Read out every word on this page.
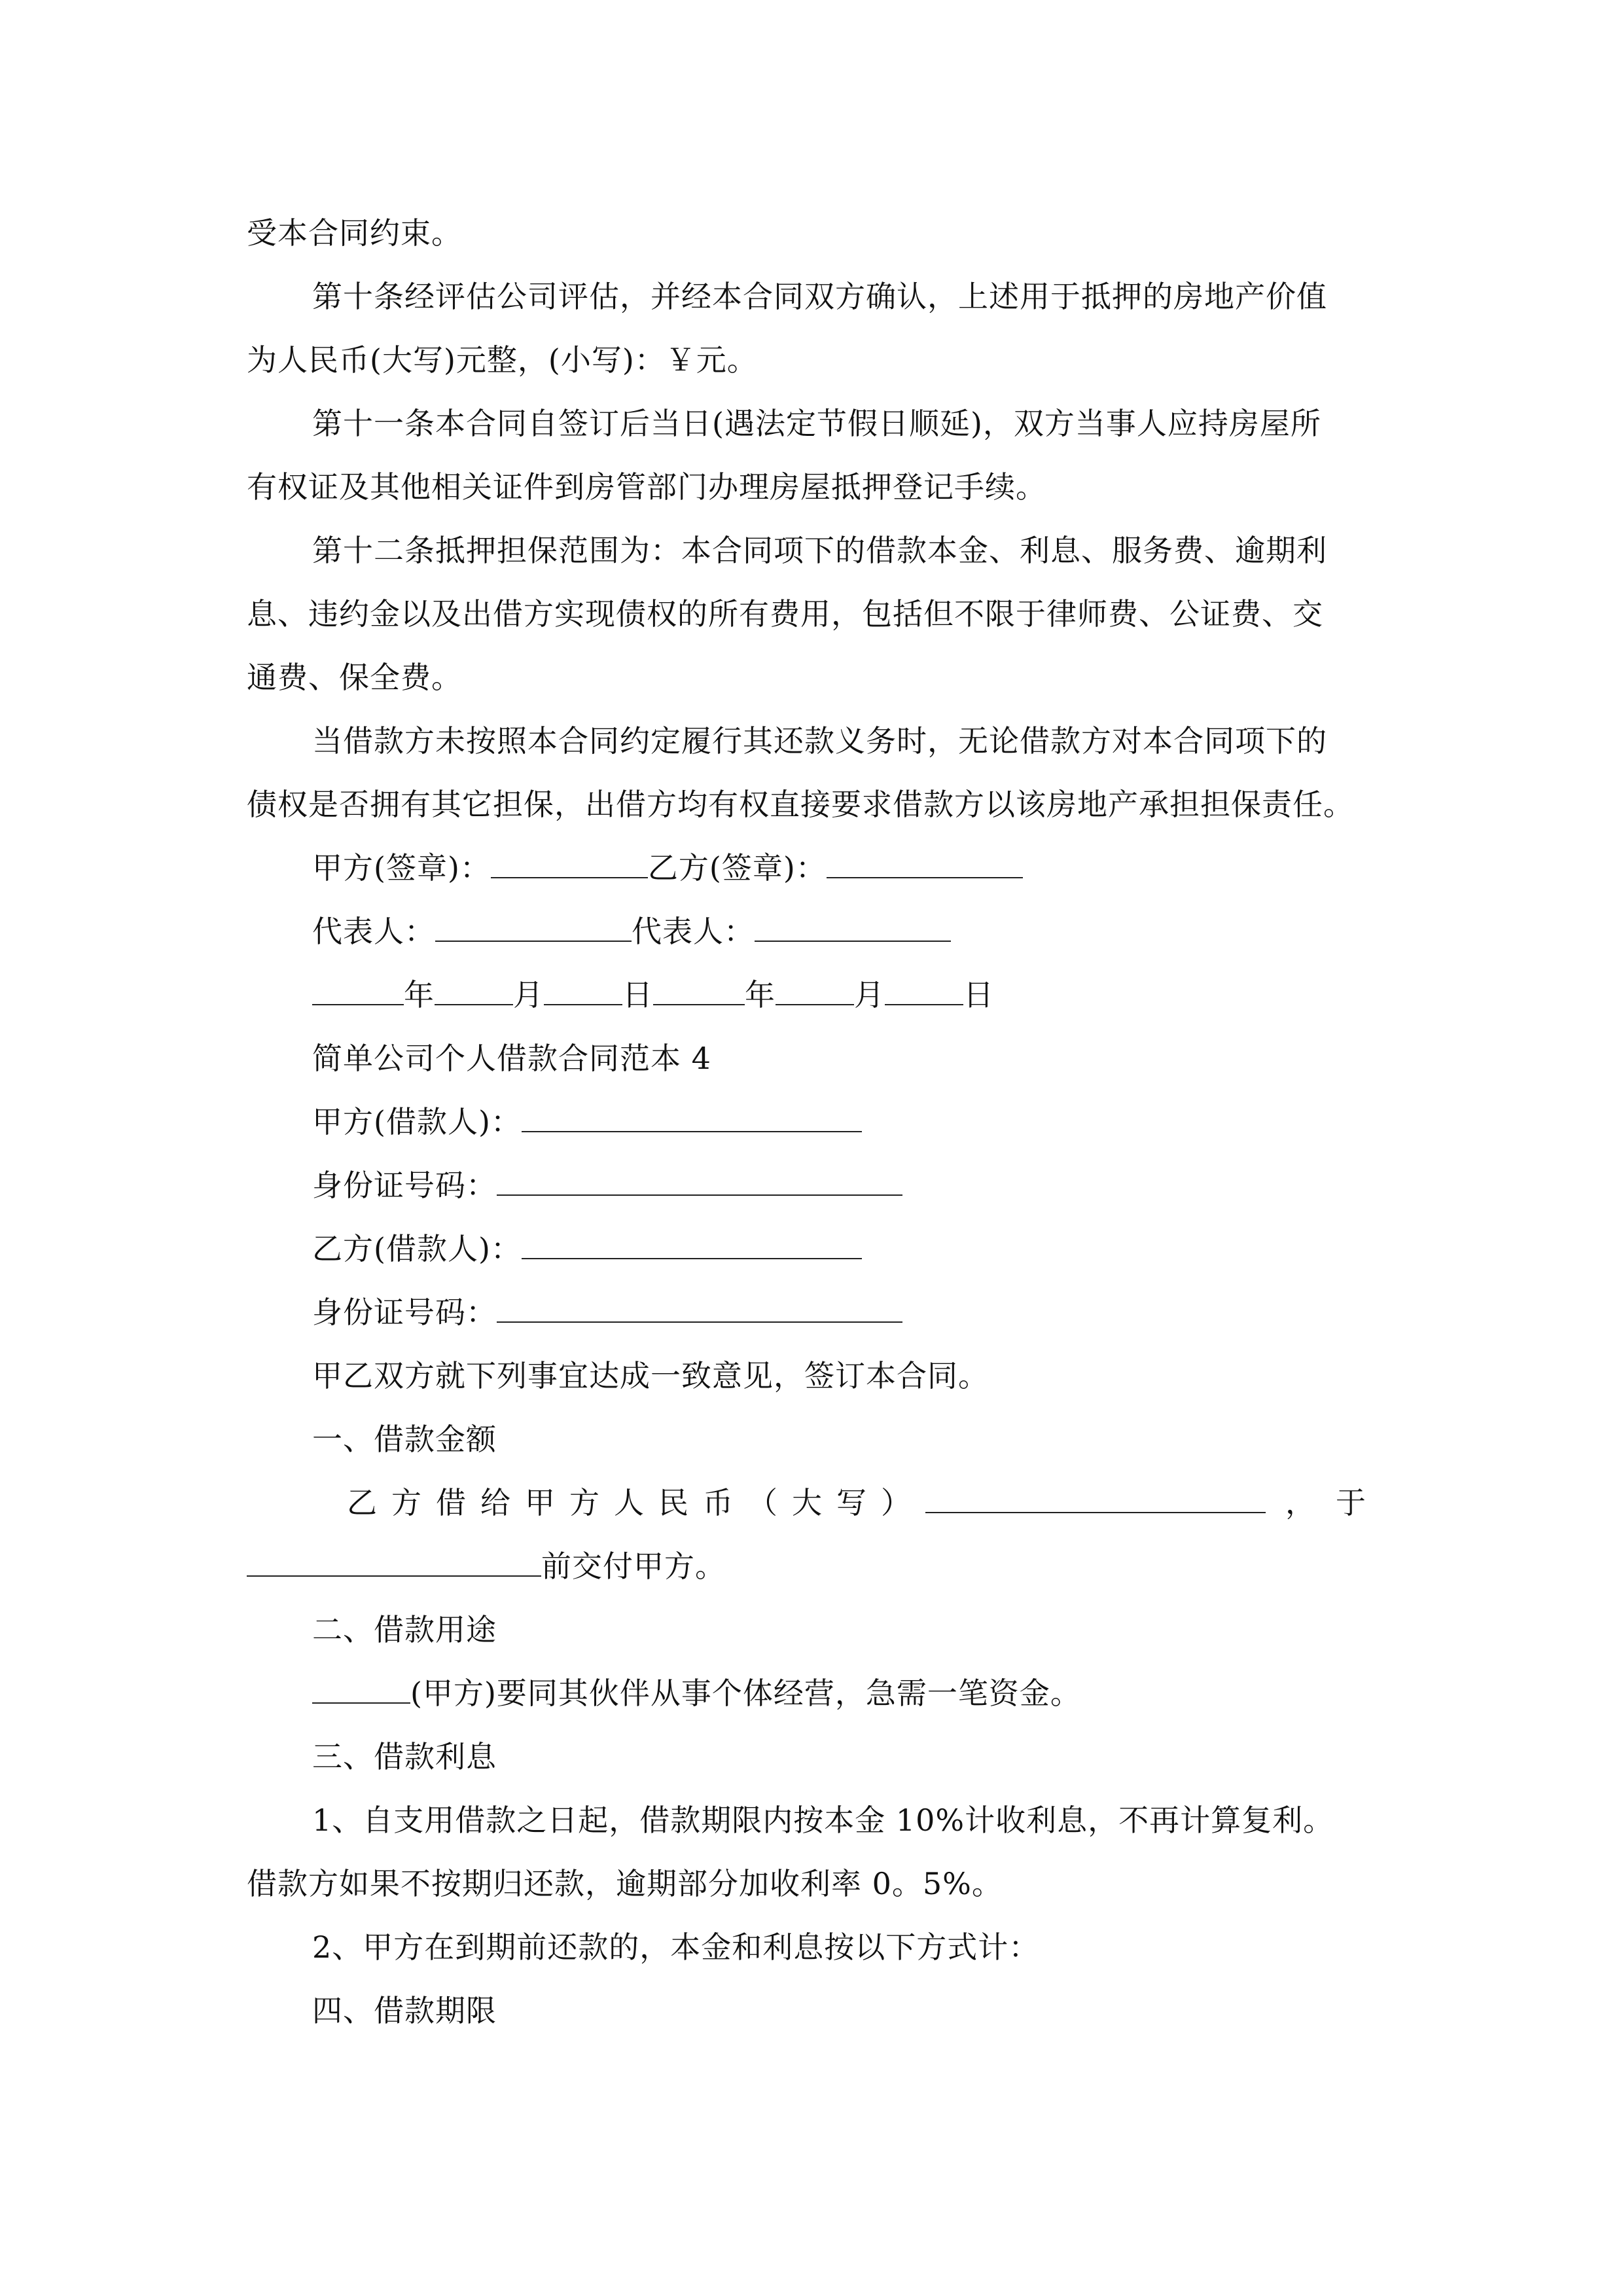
受本合同约束。
第十条经评估公司评估，并经本合同双方确认，上述用于抵押的房地产价值
为人民币(大写)元整，(小写)：￥元。
第十一条本合同自签订后当日(遇法定节假日顺延)，双方当事人应持房屋所
有权证及其他相关证件到房管部门办理房屋抵押登记手续。
第十二条抵押担保范围为：本合同项下的借款本金、利息、服务费、逾期利
息、违约金以及出借方实现债权的所有费用，包括但不限于律师费、公证费、交
通费、保全费。
当借款方未按照本合同约定履行其还款义务时，无论借款方对本合同项下的
债权是否拥有其它担保，出借方均有权直接要求借款方以该房地产承担担保责任。
甲方(签章)：	乙方(签章)：
代表人：	代表人：
年	月	日	年	月	日
简单公司个人借款合同范本 4
甲方(借款人)：
身份证号码：
乙方(借款人)：
身份证号码：
甲乙双方就下列事宜达成一致意见，签订本合同。
一、借款金额
乙方借给甲方人民币（大写）	， 于
前交付甲方。
二、借款用途
(甲方)要同其伙伴从事个体经营，急需一笔资金。
三、借款利息
1、自支用借款之日起，借款期限内按本金 10%计收利息，不再计算复利。
借款方如果不按期归还款，逾期部分加收利率 0。5%。
2、甲方在到期前还款的，本金和利息按以下方式计：
四、借款期限
